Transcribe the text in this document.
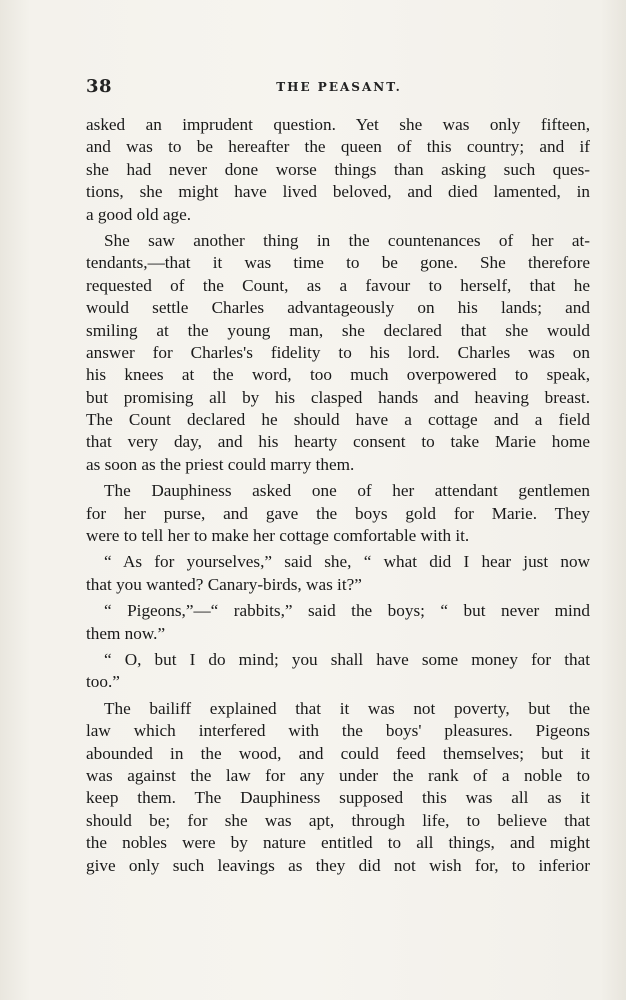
38	THE PEASANT.
asked an imprudent question. Yet she was only fifteen,
and was to be hereafter the queen of this country; and if
she had never done worse things than asking such ques-
tions, she might have lived beloved, and died lamented, in
a good old age.
She saw another thing in the countenances of her at-
tendants,—that it was time to be gone. She therefore
requested of the Count, as a favour to herself, that he
would settle Charles advantageously on his lands; and
smiling at the young man, she declared that she would
answer for Charles's fidelity to his lord. Charles was on
his knees at the word, too much overpowered to speak,
but promising all by his clasped hands and heaving breast.
The Count declared he should have a cottage and a field
that very day, and his hearty consent to take Marie home
as soon as the priest could marry them.
The Dauphiness asked one of her attendant gentlemen
for her purse, and gave the boys gold for Marie. They
were to tell her to make her cottage comfortable with it.
“ As for yourselves,” said she, “ what did I hear just now
that you wanted? Canary-birds, was it?”
“ Pigeons,”—“ rabbits,” said the boys; “ but never mind
them now.”
“ O, but I do mind; you shall have some money for that
too.”
The bailiff explained that it was not poverty, but the
law which interfered with the boys' pleasures. Pigeons
abounded in the wood, and could feed themselves; but it
was against the law for any under the rank of a noble to
keep them. The Dauphiness supposed this was all as it
should be; for she was apt, through life, to believe that
the nobles were by nature entitled to all things, and might
give only such leavings as they did not wish for, to inferior
